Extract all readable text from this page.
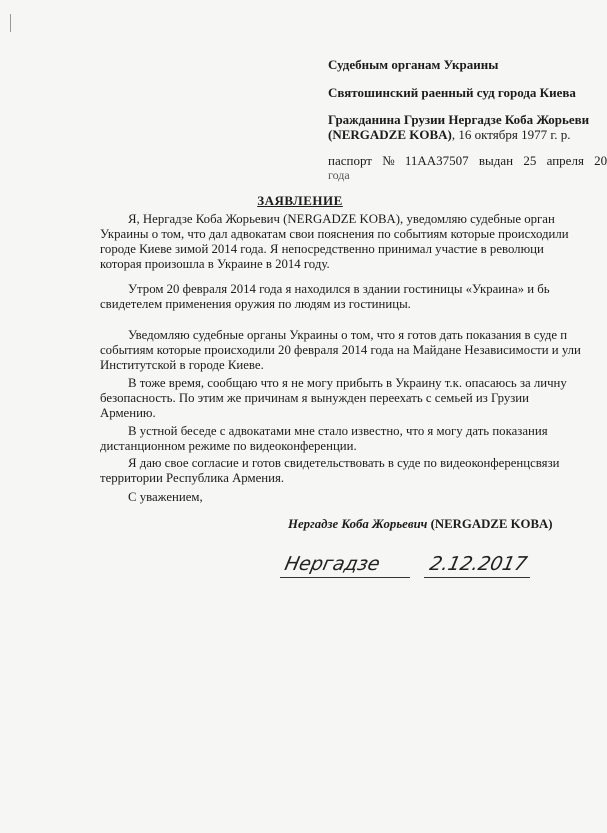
Судебным органам Украины
Святошинский раенный суд города Киева
Гражданина Грузии Нергадзе Коба Жорьеви
(NERGADZE KOBA), 16 октября 1977 г. р.
паспорт № 11АА37507 выдан 25 апреля 20
года
ЗАЯВЛЕНИЕ
Я, Нергадзе Коба Жорьевич (NERGADZE KOBA), уведомляю судебные орган
Украины о том, что дал адвокатам свои пояснения по событиям которые происходили
городе Киеве зимой 2014 года. Я непосредственно принимал участие в революци
которая произошла в Украине в 2014 году.
Утром 20 февраля 2014 года я находился в здании гостиницы «Украина» и бь
свидетелем применения оружия по людям из гостиницы.
Уведомляю судебные органы Украины о том, что я готов дать показания в суде п
событиям которые происходили 20 февраля 2014 года на Майдане Независимости и ули
Институтской в городе Киеве.
В тоже время, сообщаю что я не могу прибыть в Украину т.к. опасаюсь за личну
безопасность. По этим же причинам я вынужден переехать с семьей из Грузии
Армению.
В устной беседе с адвокатами мне стало известно, что я могу дать показания
дистанционном режиме по видеоконференции.
Я даю свое согласие и готов свидетельствовать в суде по видеоконференцсвязи
территории Республика Армения.
С уважением,
Нергадзе Коба Жорьевич (NERGADZE KOBA)
Нергадзе 2.12.2017
